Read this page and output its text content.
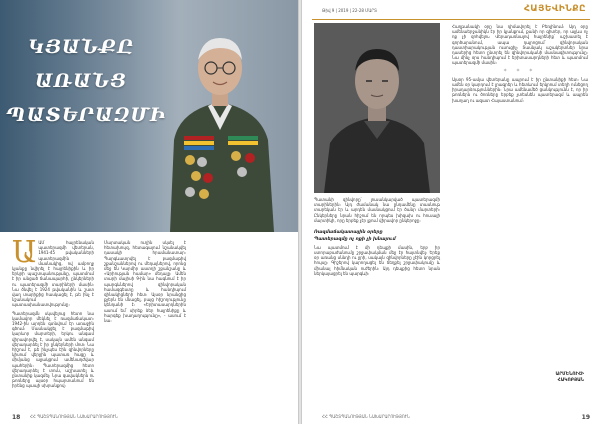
ԿՅԱՆՔԸ
ԱՌԱՆՑ
ՊԱՏԵՐԱԶՄԻ
ԱԱՄ հայրենական պատերազմի վետերան, 1941-45 թվականների պատերազմին մասնակից, ով ամբողջ կյանքը նվիրել է հայրենիքին և իր երկրի պաշտպանությանը, պատմում է իր անցած ճանապարհի, ընկերների ու պատերազմի տարիների մասին։ Նա ծնվել է 1924 թվականին և շատ վաղ տարիքից հասկացել է, թե ինչ է նշանակում պատասխանատվությունը։
Պատերազմն սկսվելուց հետո նա կամավոր մեկնել է ռազմաճակատ։ 1942-ին արդեն գտնվում էր առաջին գծում։ Մասնակցել է բազմաթիվ կարևոր մարտերի, երկու անգամ վիրավորվել է, սակայն ամեն անգամ վերադարձել է իր ընկերների մոտ։ Նա հիշում է, թե ինչպես էին զինվորները կիսում վերջին պատառ հացը և միմյանց աջակցում ամենադժվար պահերին։ Պատերազմից հետո վերադարձել է տուն, աշխատել և ընտանիք կազմել։ Նրա զավակներն ու թոռները այսօր հպարտանում են իրենց պապի սխրանքով։
Մարտական ուղին սկսել է հետախույզ, հետագայում նշանակվել դասակի հրամանատար։ Պարգևատրվել է բազմաթիվ շքանշաններով ու մեդալներով, որոնց մեջ են Կարմիր աստղի շքանշանը և «Արիության համար» մեդալը։ Ամեն տարի մայիսի 9-ին նա հագնում է իր պարգևներով զինվորական համազգեստը և հանդիպում զինակիցների հետ։ Այսօր նրանցից քչերն են մնացել, բայց հիշողությունը կենդանի է։ «Երիտասարդներին ասում եմ՝ սիրեք ձեր հայրենիքը և հարգեք խաղաղությունը», - ասում է նա։
18 ՀՀ ՊԱՇՏՊԱՆՈՒԹՅԱՆ ՆԱԽԱՐԱՐՈՒԹՅՈՒՆ
Թիվ 9 | 2019 | 22-28 ՄԱՐՏ	ՀԱՅԵՎԻՆՔԸ
Պատանի զինվորը՝ լուսանկարված պատերազմի տարիներին։ Այդ ժամանակ նա ընդամենը տասնութ տարեկան էր և արդեն մասնակցում էր ծանր մարտերի։ Ընկերները նրան հիշում են որպես խիզախ ու հուսալի մարտիկի, որը երբեք չէր լքում վիրավոր ընկերոջը։
Ռազմաճակատային օրերը
Պատերազմը ոչ ոքի չի խնայում
Նա պատմում է մի դեպքի մասին, երբ իր ստորաբաժանումը շրջափակման մեջ էր հայտնվել։ Երեք օր առանց սննդի ու ջրի, սակայն զինվորները չէին կորցրել հույսը։ Գիշերով կարողացել են ճեղքել շրջափակումը և միանալ հիմնական ուժերին։ Այդ դեպքից հետո նրան ներկայացրել են պարգևի։
Հաղթանակի օրը նա դիմավորել է Բեռլինում։ Այդ օրը ամենաերջանիկն էր իր կյանքում, քանի որ գիտեր, որ այլևս ոչ ոք չի զոհվելու։ Վերադառնալով հայրենիք՝ աշխատել է գործարանում, ապա դպրոցում՝ զինվորական դաստիարակության ուսուցիչ։ Տասնյակ աշակերտներ նրա դասերից հետո ընտրել են զինվորականի մասնագիտությունը։ Նա մինչ օրս հանդիպում է երիտասարդների հետ և պատմում պատերազմի մասին։
* * *
Այսօր 95-ամյա վետերանը ապրում է իր ընտանիքի հետ։ Նա ամեն օր կարդում է լրագրեր և հետևում երկրում տեղի ունեցող իրադարձություններին։ Նրա ամենամեծ ցանկությունն է, որ իր թոռներն ու ծոռները երբեք չտեսնեն պատերազմ և ապրեն խաղաղ ու ազատ Հայաստանում։
ԱՐՄԵՆՈՒՀԻ
ՀԱԿՈԲՅԱՆ
ՀՀ ՊԱՇՏՊԱՆՈՒԹՅԱՆ ՆԱԽԱՐԱՐՈՒԹՅՈՒՆ	19
